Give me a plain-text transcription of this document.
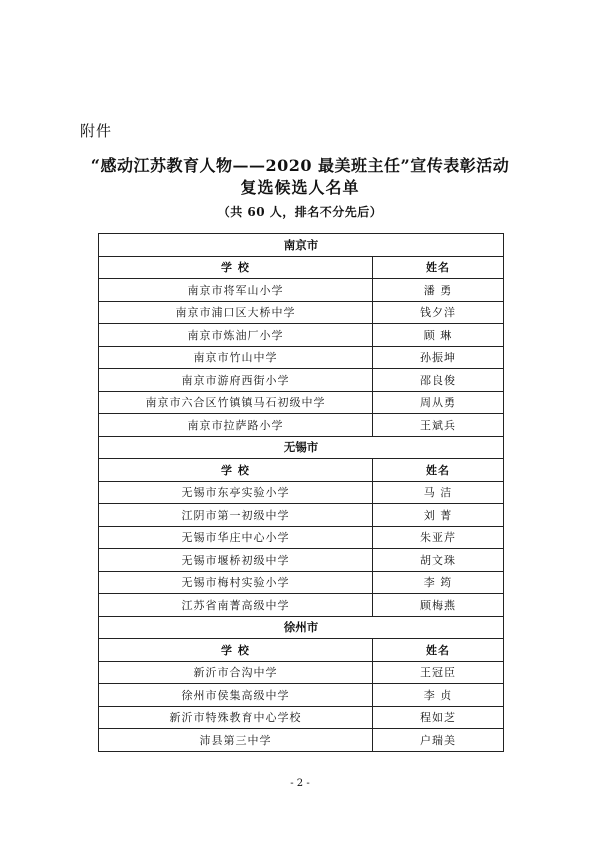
附件
“感动江苏教育人物——2020 最美班主任”宣传表彰活动
复选候选人名单
（共 60 人，排名不分先后）
南京市	
学 校	姓名
南京市将军山小学	潘 勇
南京市浦口区大桥中学	钱夕洋
南京市炼油厂小学	顾 琳
南京市竹山中学	孙振坤
南京市游府西街小学	邵良俊
南京市六合区竹镇镇马石初级中学	周从勇
南京市拉萨路小学	王斌兵
无锡市	
学 校	姓名
无锡市东亭实验小学	马 洁
江阴市第一初级中学	刘 菁
无锡市华庄中心小学	朱亚芹
无锡市堰桥初级中学	胡文珠
无锡市梅村实验小学	李 筠
江苏省南菁高级中学	顾梅燕
徐州市	
学 校	姓名
新沂市合沟中学	王冠臣
徐州市侯集高级中学	李 贞
新沂市特殊教育中心学校	程如芝
沛县第三中学	户瑞美
- 2 -
